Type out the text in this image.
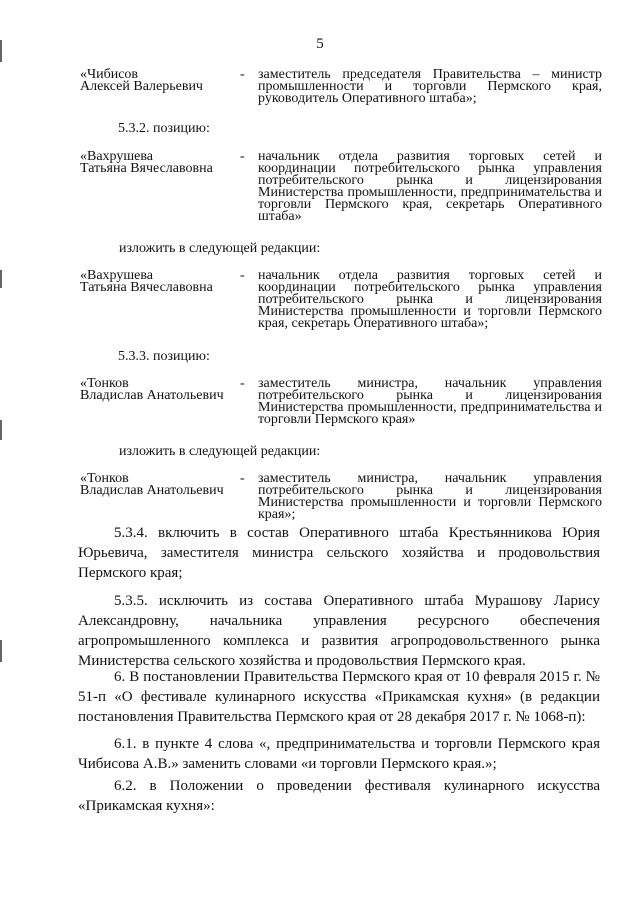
5
«Чибисов
Алексей Валерьевич
- заместитель председателя Правительства – министр промышленности и торговли Пермского края, руководитель Оперативного штаба»;
5.3.2. позицию:
«Вахрушева
Татьяна Вячеславовна
- начальник отдела развития торговых сетей и координации потребительского рынка управления потребительского рынка и лицензирования Министерства промышленности, предпринимательства и торговли Пермского края, секретарь Оперативного штаба»
изложить в следующей редакции:
«Вахрушева
Татьяна Вячеславовна
- начальник отдела развития торговых сетей и координации потребительского рынка управления потребительского рынка и лицензирования Министерства промышленности и торговли Пермского края, секретарь Оперативного штаба»;
5.3.3. позицию:
«Тонков
Владислав Анатольевич
- заместитель министра, начальник управления потребительского рынка и лицензирования Министерства промышленности, предпринимательства и торговли Пермского края»
изложить в следующей редакции:
«Тонков
Владислав Анатольевич
- заместитель министра, начальник управления потребительского рынка и лицензирования Министерства промышленности и торговли Пермского края»;

5.3.4. включить в состав Оперативного штаба Крестьянникова Юрия Юрьевича, заместителя министра сельского хозяйства и продовольствия Пермского края;

5.3.5. исключить из состава Оперативного штаба Мурашову Ларису Александровну, начальника управления ресурсного обеспечения агропромышленного комплекса и развития агропродовольственного рынка Министерства сельского хозяйства и продовольствия Пермского края.

6. В постановлении Правительства Пермского края от 10 февраля 2015 г. № 51-п «О фестивале кулинарного искусства «Прикамская кухня» (в редакции постановления Правительства Пермского края от 28 декабря 2017 г. № 1068-п):

6.1. в пункте 4 слова «, предпринимательства и торговли Пермского края Чибисова А.В.» заменить словами «и торговли Пермского края.»;

6.2. в Положении о проведении фестиваля кулинарного искусства «Прикамская кухня»:
